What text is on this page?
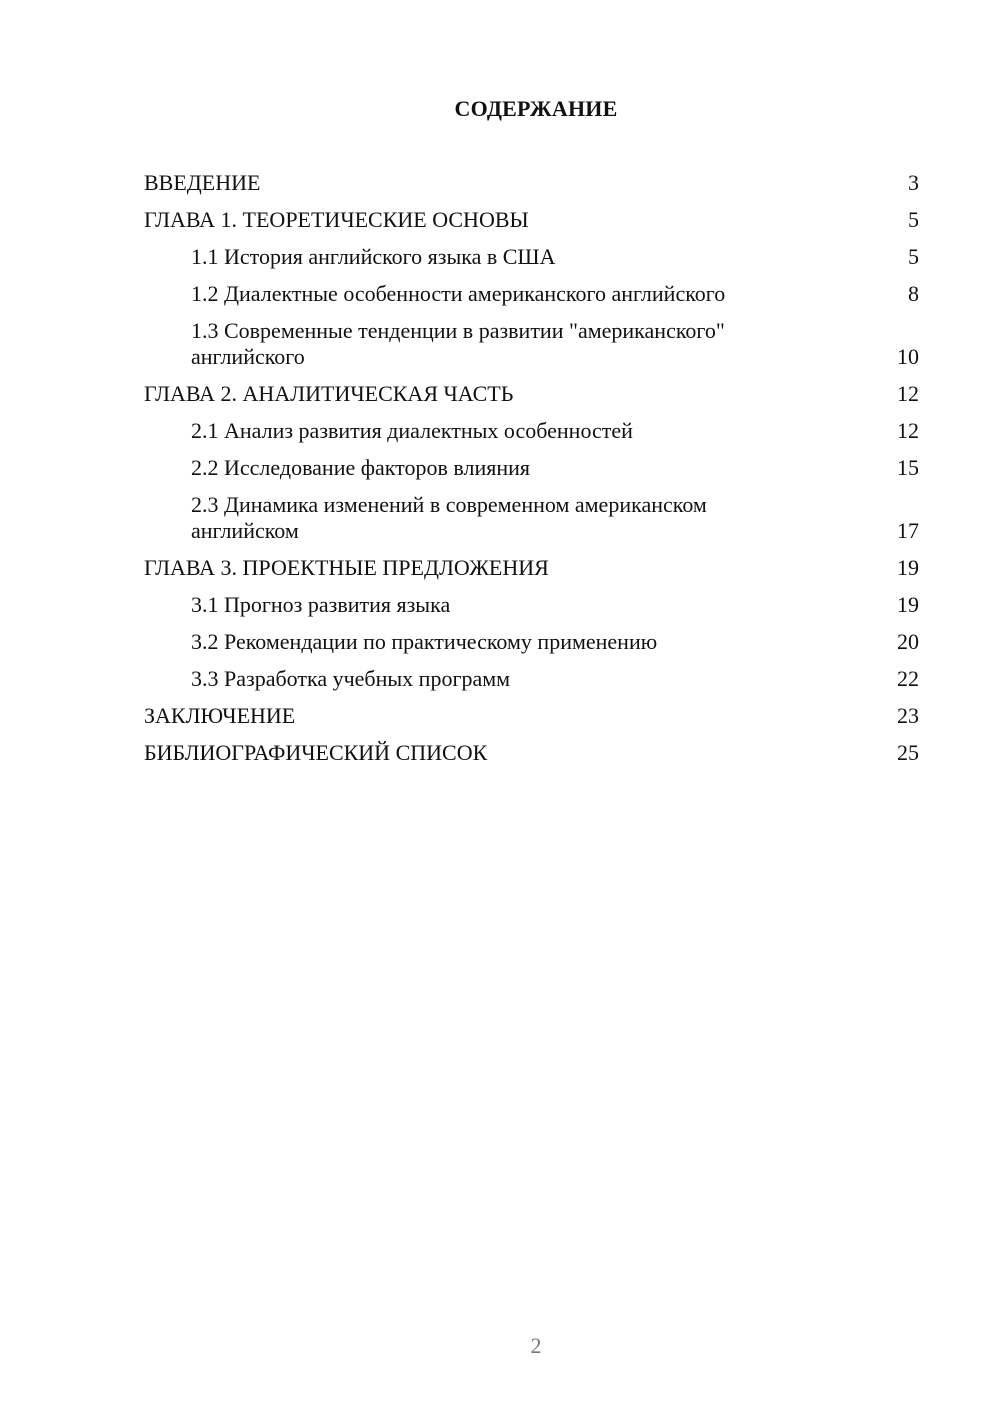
СОДЕРЖАНИЕ
ВВЕДЕНИЕ	3
ГЛАВА 1. ТЕОРЕТИЧЕСКИЕ ОСНОВЫ	5
1.1 История английского языка в США	5
1.2 Диалектные особенности американского английского	8
1.3 Современные тенденции в развитии "американского" английского	10
ГЛАВА 2. АНАЛИТИЧЕСКАЯ ЧАСТЬ	12
2.1 Анализ развития диалектных особенностей	12
2.2 Исследование факторов влияния	15
2.3 Динамика изменений в современном американском английском	17
ГЛАВА 3. ПРОЕКТНЫЕ ПРЕДЛОЖЕНИЯ	19
3.1 Прогноз развития языка	19
3.2 Рекомендации по практическому применению	20
3.3 Разработка учебных программ	22
ЗАКЛЮЧЕНИЕ	23
БИБЛИОГРАФИЧЕСКИЙ СПИСОК	25
2
